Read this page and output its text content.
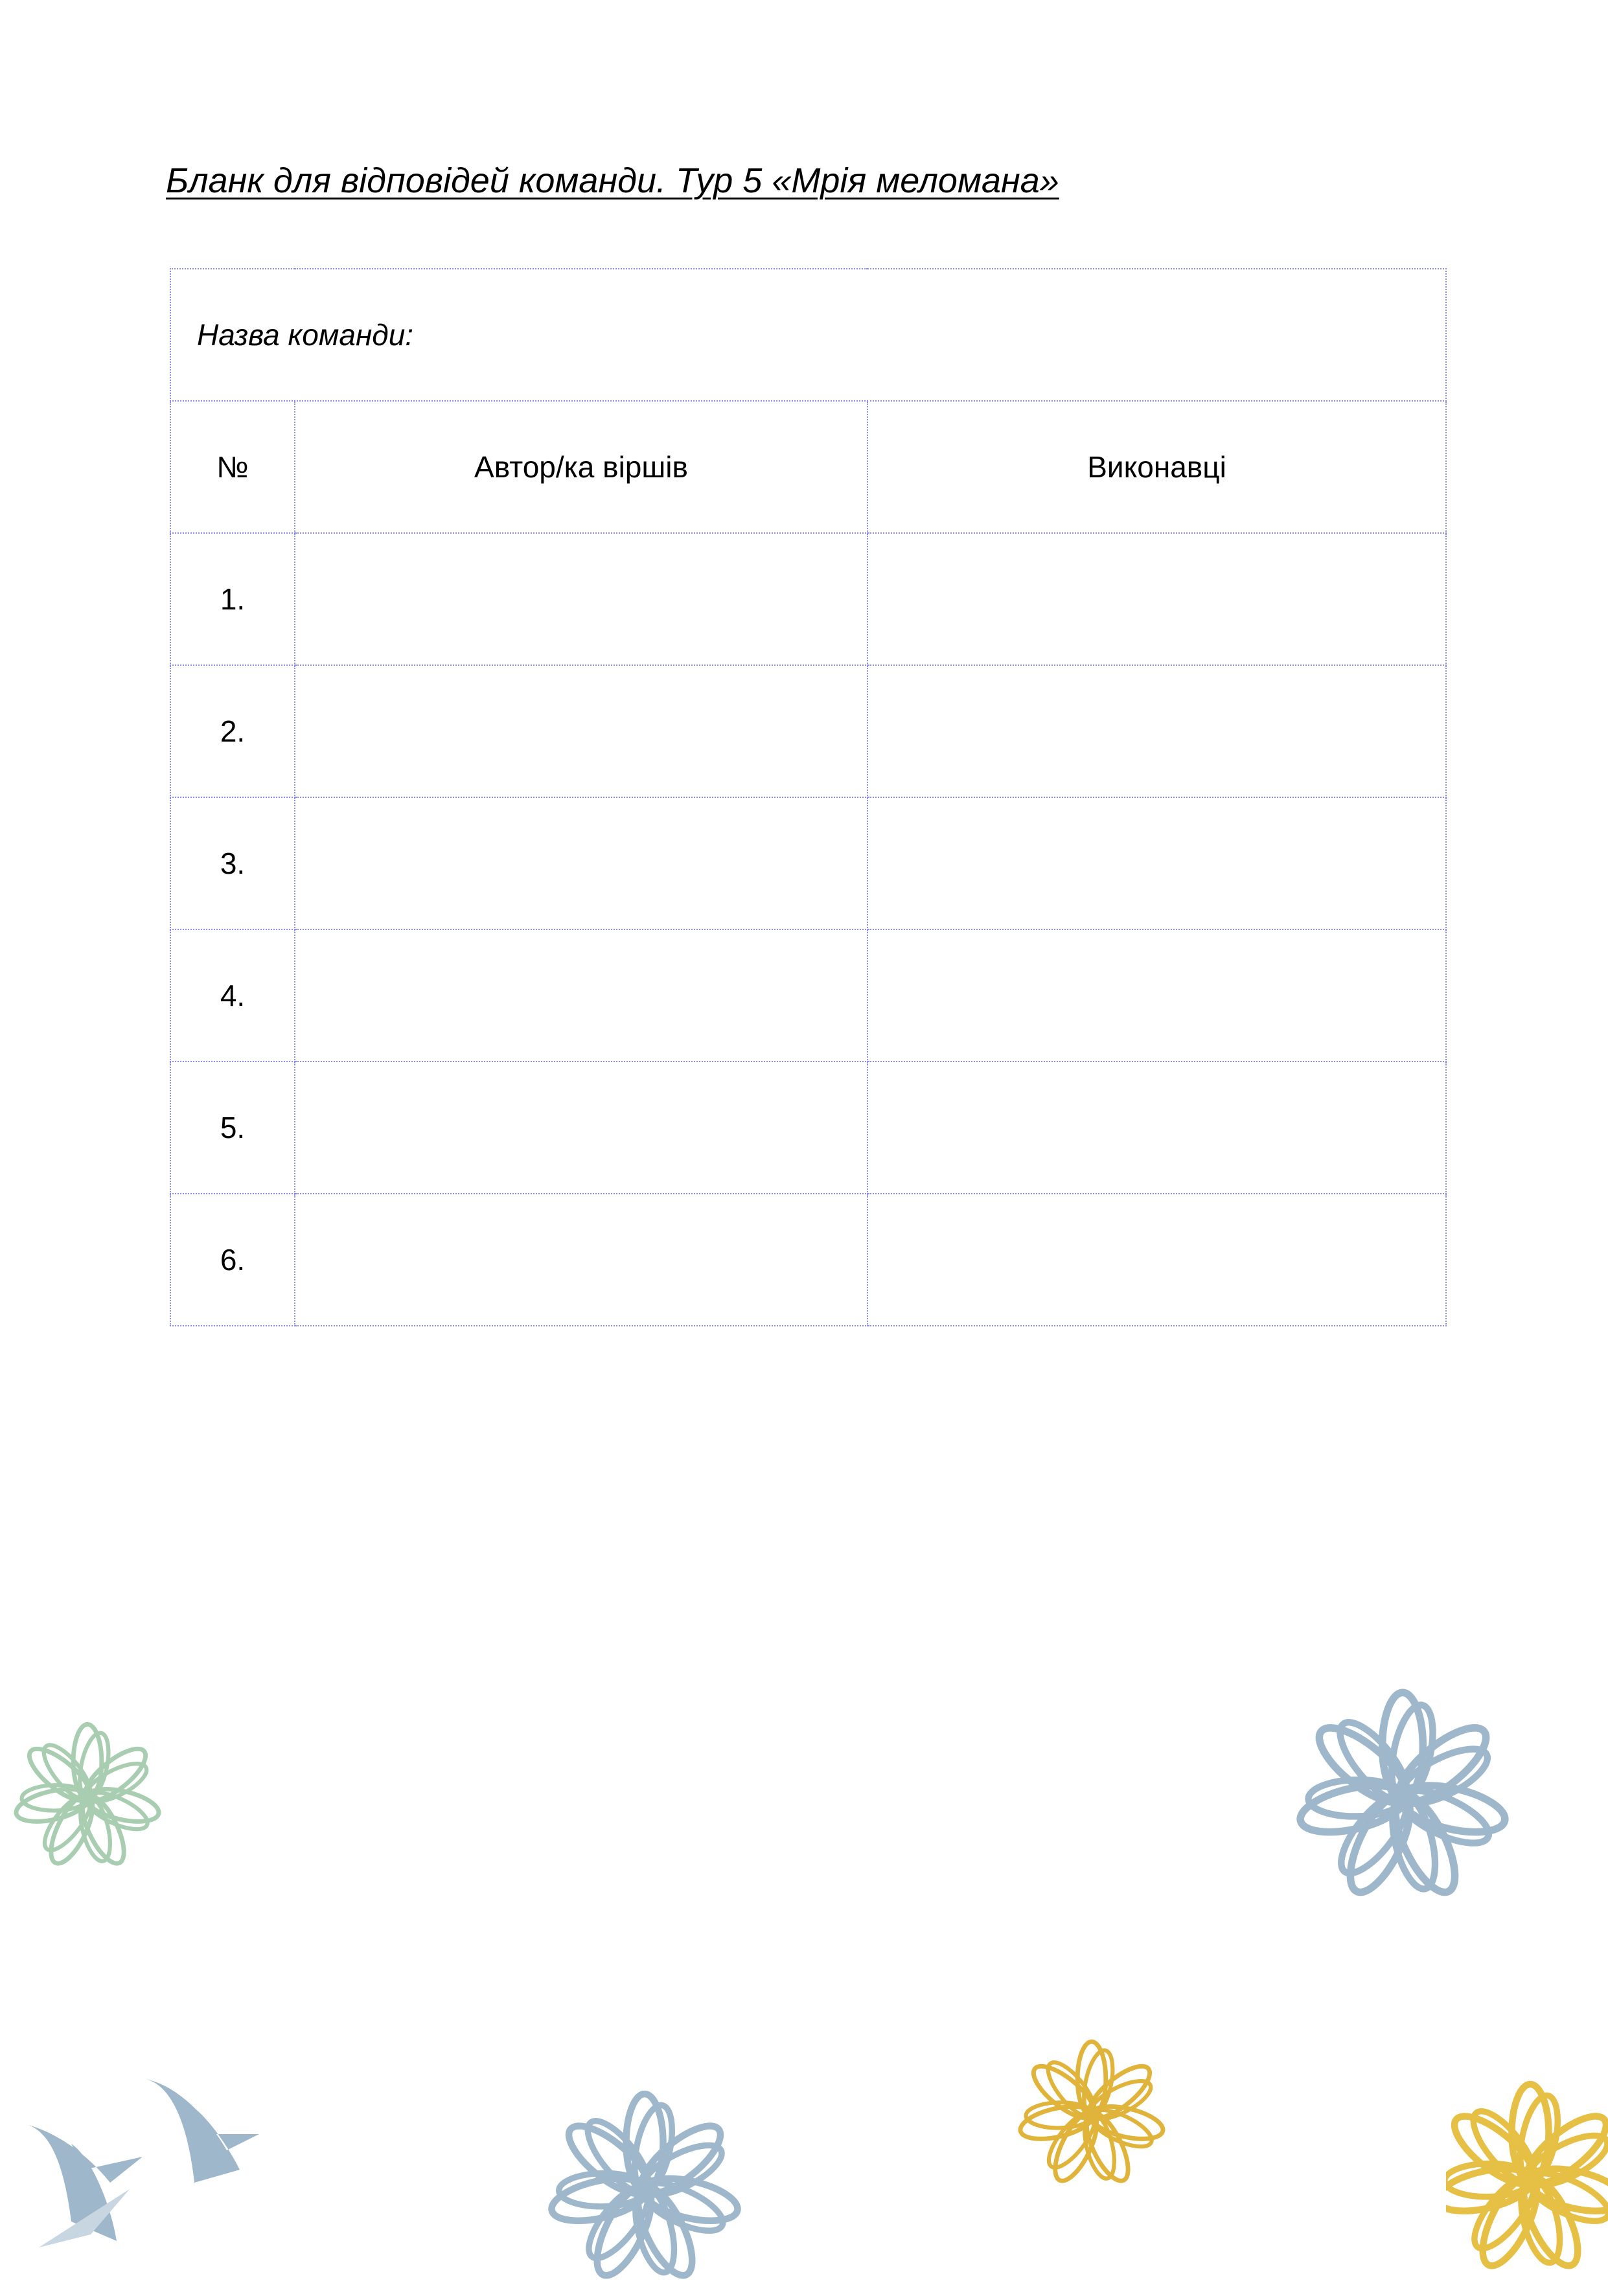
Бланк для відповідей команди. Тур 5 «Мрія меломана»
Назва команди:		
№	Автор/ка віршів	Виконавці
1.		
2.		
3.		
4.		
5.		
6.		
